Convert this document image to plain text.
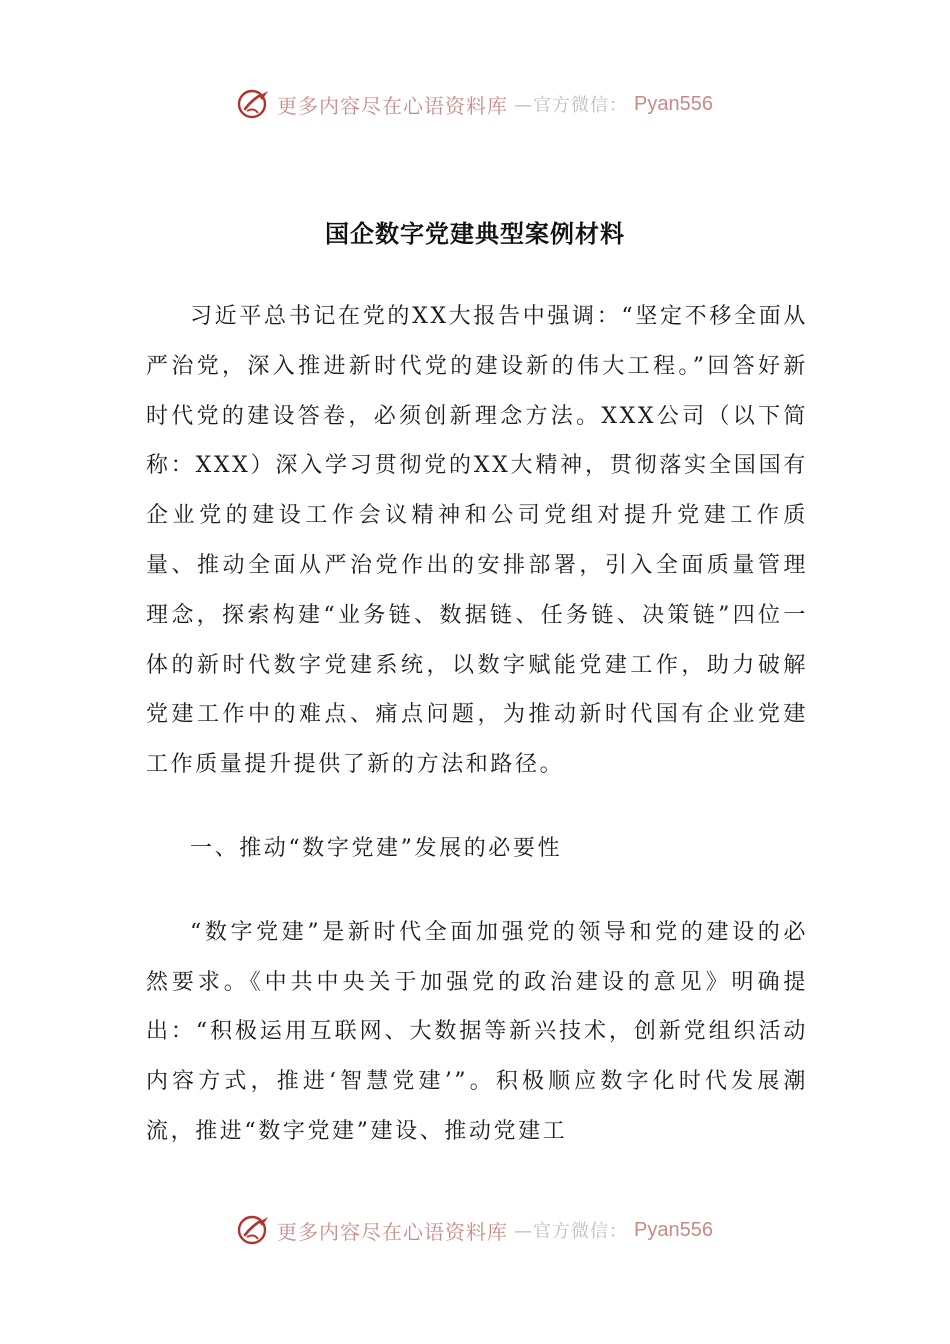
更多内容尽在心语资料库 —官方微信： Pyan556
国企数字党建典型案例材料

习近平总书记在党的XX大报告中强调：“坚定不移全面从严治党，深入推进新时代党的建设新的伟大工程。”回答好新时代党的建设答卷，必须创新理念方法。XXX公司（以下简称：XXX）深入学习贯彻党的XX大精神，贯彻落实全国国有企业党的建设工作会议精神和公司党组对提升党建工作质量、推动全面从严治党作出的安排部署，引入全面质量管理理念，探索构建“业务链、数据链、任务链、决策链”四位一体的新时代数字党建系统，以数字赋能党建工作，助力破解党建工作中的难点、痛点问题，为推动新时代国有企业党建工作质量提升提供了新的方法和路径。

一、推动“数字党建”发展的必要性

“数字党建”是新时代全面加强党的领导和党的建设的必然要求。《中共中央关于加强党的政治建设的意见》明确提出：“积极运用互联网、大数据等新兴技术，创新党组织活动内容方式，推进‘智慧党建’”。积极顺应数字化时代发展潮流，推进“数字党建”建设、推动党建工

更多内容尽在心语资料库 —官方微信： Pyan556
